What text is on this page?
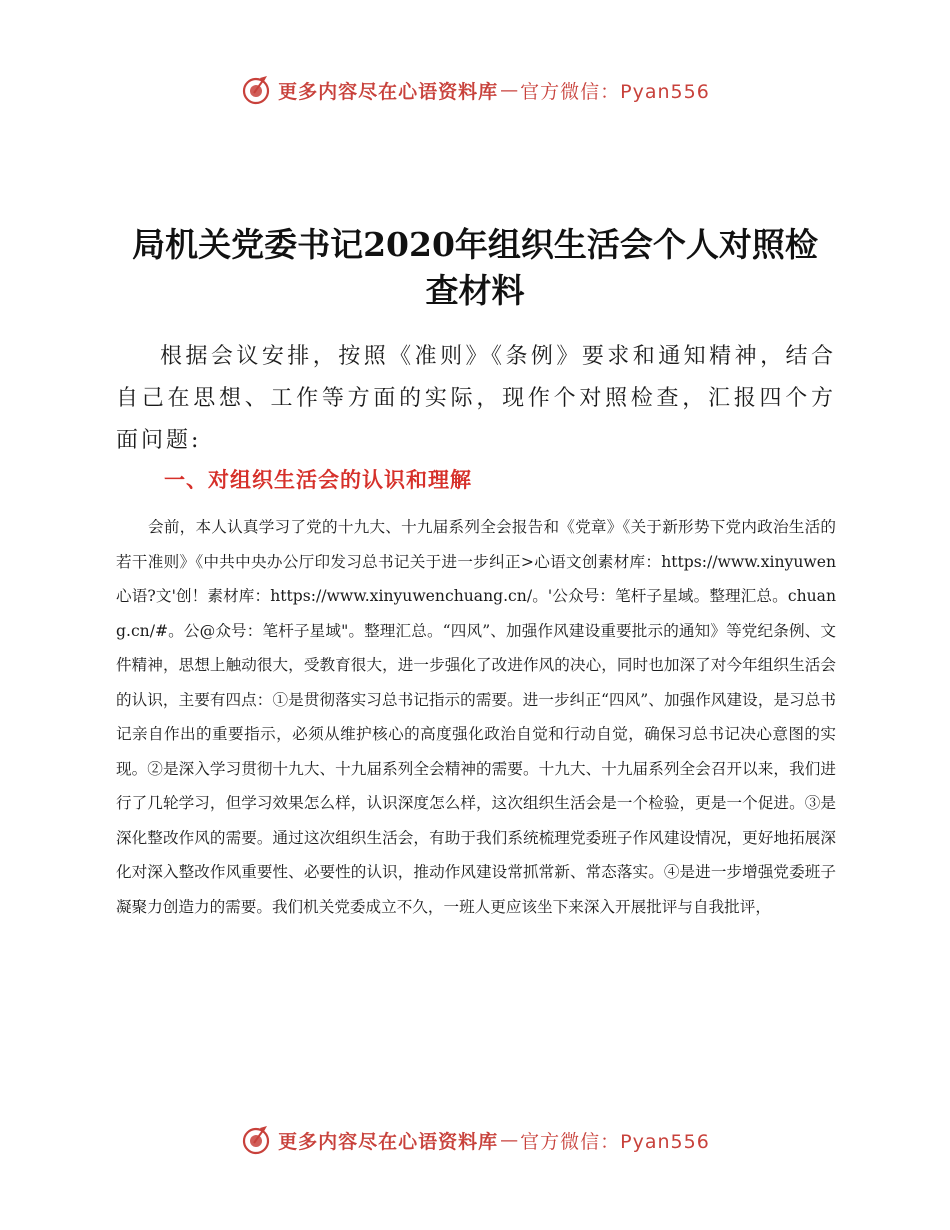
更多内容尽在心语资料库 — 官方微信：Pyan556
局机关党委书记2020年组织生活会个人对照检查材料

根据会议安排，按照《准则》《条例》要求和通知精神，结合自己在思想、工作等方面的实际，现作个对照检查，汇报四个方面问题:

一、对组织生活会的认识和理解

会前，本人认真学习了党的十九大、十九届系列全会报告和《党章》《关于新形势下党内政治生活的若干准则》《中共中央办公厅印发习总书记关于进一步纠正>心语文创素材库：https://www.xinyuwen心语?文'创！素材库：https://www.xinyuwenchuang.cn/。'公众号：笔杆子星域。整理汇总。chuang.cn/#。公@众号：笔杆子星域"。整理汇总。“四风”、加强作风建设重要批示的通知》等党纪条例、文件精神，思想上触动很大，受教育很大，进一步强化了改进作风的决心，同时也加深了对今年组织生活会的认识，主要有四点：①是贯彻落实习总书记指示的需要。进一步纠正“四风”、加强作风建设，是习总书记亲自作出的重要指示，必须从维护核心的高度强化政治自觉和行动自觉，确保习总书记决心意图的实现。②是深入学习贯彻十九大、十九届系列全会精神的需要。十九大、十九届系列全会召开以来，我们进行了几轮学习，但学习效果怎么样，认识深度怎么样，这次组织生活会是一个检验，更是一个促进。③是深化整改作风的需要。通过这次组织生活会，有助于我们系统梳理党委班子作风建设情况，更好地拓展深化对深入整改作风重要性、必要性的认识，推动作风建设常抓常新、常态落实。④是进一步增强党委班子凝聚力创造力的需要。我们机关党委成立不久，一班人更应该坐下来深入开展批评与自我批评，

更多内容尽在心语资料库 — 官方微信：Pyan556
